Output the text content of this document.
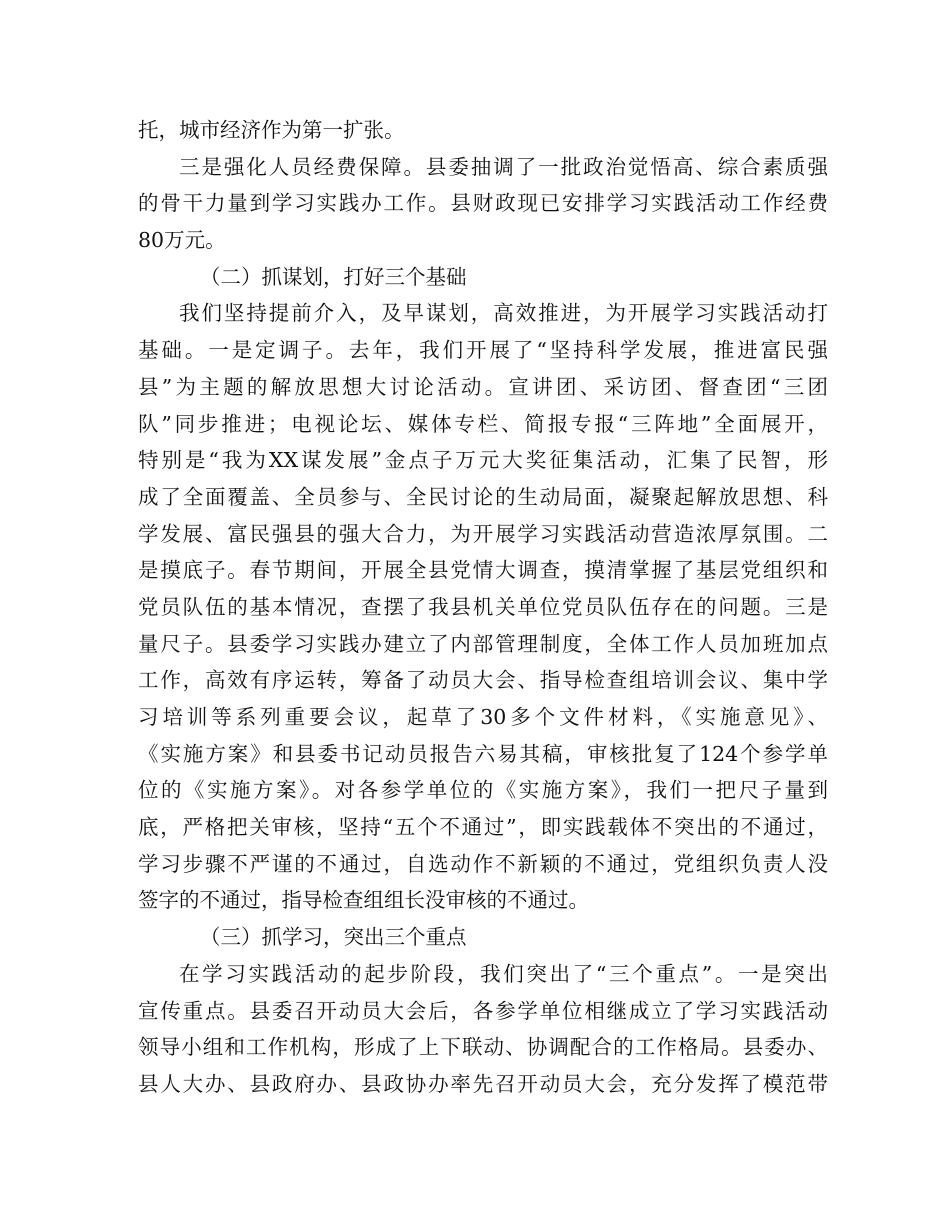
托，城市经济作为第一扩张。
三是强化人员经费保障。县委抽调了一批政治觉悟高、综合素质强
的骨干力量到学习实践办工作。县财政现已安排学习实践活动工作经费
80万元。
（二）抓谋划，打好三个基础
我们坚持提前介入，及早谋划，高效推进，为开展学习实践活动打
基础。一是定调子。去年，我们开展了“坚持科学发展，推进富民强
县”为主题的解放思想大讨论活动。宣讲团、采访团、督查团“三团
队”同步推进；电视论坛、媒体专栏、简报专报“三阵地”全面展开，
特别是“我为XX谋发展”金点子万元大奖征集活动，汇集了民智，形
成了全面覆盖、全员参与、全民讨论的生动局面，凝聚起解放思想、科
学发展、富民强县的强大合力，为开展学习实践活动营造浓厚氛围。二
是摸底子。春节期间，开展全县党情大调查，摸清掌握了基层党组织和
党员队伍的基本情况，查摆了我县机关单位党员队伍存在的问题。三是
量尺子。县委学习实践办建立了内部管理制度，全体工作人员加班加点
工作，高效有序运转，筹备了动员大会、指导检查组培训会议、集中学
习培训等系列重要会议，起草了30多个文件材料，《实施意见》、
《实施方案》和县委书记动员报告六易其稿，审核批复了124个参学单
位的《实施方案》。对各参学单位的《实施方案》，我们一把尺子量到
底，严格把关审核，坚持“五个不通过”，即实践载体不突出的不通过，
学习步骤不严谨的不通过，自选动作不新颖的不通过，党组织负责人没
签字的不通过，指导检查组组长没审核的不通过。
（三）抓学习，突出三个重点
在学习实践活动的起步阶段，我们突出了“三个重点”。一是突出
宣传重点。县委召开动员大会后，各参学单位相继成立了学习实践活动
领导小组和工作机构，形成了上下联动、协调配合的工作格局。县委办、
县人大办、县政府办、县政协办率先召开动员大会，充分发挥了模范带
